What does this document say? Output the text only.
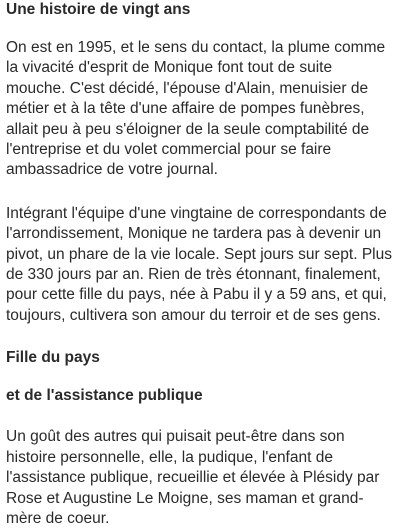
Une histoire de vingt ans

On est en 1995, et le sens du contact, la plume comme la vivacité d'esprit de Monique font tout de suite mouche. C'est décidé, l'épouse d'Alain, menuisier de métier et à la tête d'une affaire de pompes funèbres, allait peu à peu s'éloigner de la seule comptabilité de l'entreprise et du volet commercial pour se faire ambassadrice de votre journal.

Intégrant l'équipe d'une vingtaine de correspondants de l'arrondissement, Monique ne tardera pas à devenir un pivot, un phare de la vie locale. Sept jours sur sept. Plus de 330 jours par an. Rien de très étonnant, finalement, pour cette fille du pays, née à Pabu il y a 59 ans, et qui, toujours, cultivera son amour du terroir et de ses gens.

Fille du pays
et de l'assistance publique

Un goût des autres qui puisait peut-être dans son histoire personnelle, elle, la pudique, l'enfant de l'assistance publique, recueillie et élevée à Plésidy par Rose et Augustine Le Moigne, ses maman et grand-mère de coeur.
